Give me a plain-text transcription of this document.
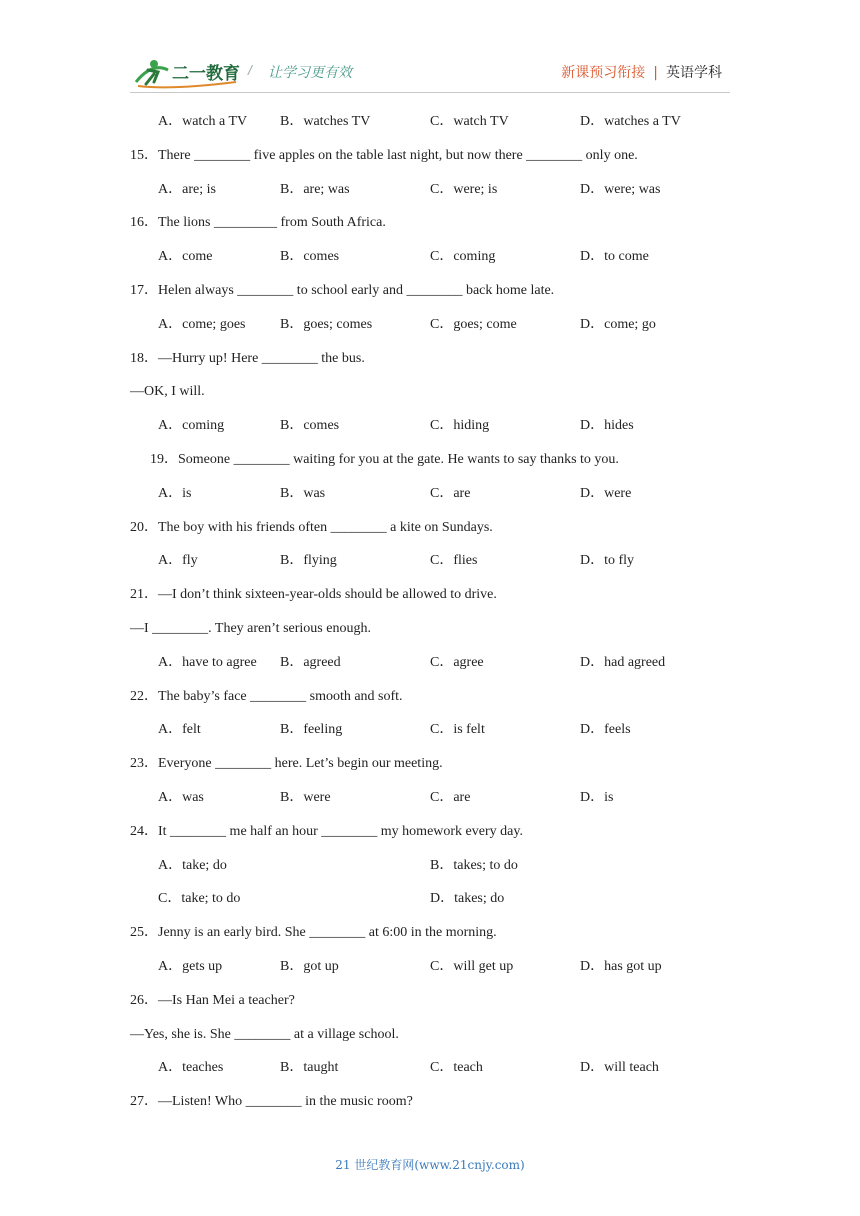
二一教育 / 让学习更有效	新课预习衔接 | 英语学科
A．watch a TV B．watches TV	C．watch TV	D．watches a TV
15．There ________ five apples on the table last night, but now there ________ only one.
A．are; is	B．are; was	C．were; is	D．were; was
16．The lions _________ from South Africa.
A．come	B．comes	C．coming	D．to come
17．Helen always ________ to school early and ________ back home late.
A．come; goes B．goes; comes	C．goes; come	D．come; go
18．—Hurry up! Here ________ the bus.
—OK, I will.
A．coming	B．comes	C．hiding	D．hides
19．Someone ________ waiting for you at the gate. He wants to say thanks to you.
A．is	B．was	C．are	D．were
20．The boy with his friends often ________ a kite on Sundays.
A．fly	B．flying	C．flies	D．to fly
21．—I don’t think sixteen-year-olds should be allowed to drive.
—I ________. They aren’t serious enough.
A．have to agree B．agreed	C．agree	D．had agreed
22．The baby’s face ________ smooth and soft.
A．felt	B．feeling	C．is felt	D．feels
23．Everyone ________ here. Let’s begin our meeting.
A．was	B．were	C．are	D．is
24．It ________ me half an hour ________ my homework every day.
A．take; do	B．takes; to do
C．take; to do	D．takes; do
25．Jenny is an early bird. She ________ at 6:00 in the morning.
A．gets up	B．got up	C．will get up	D．has got up
26．—Is Han Mei a teacher?
—Yes, she is. She ________ at a village school.
A．teaches	B．taught	C．teach	D．will teach
27．—Listen! Who ________ in the music room?
21 世纪教育网(www.21cnjy.com)
